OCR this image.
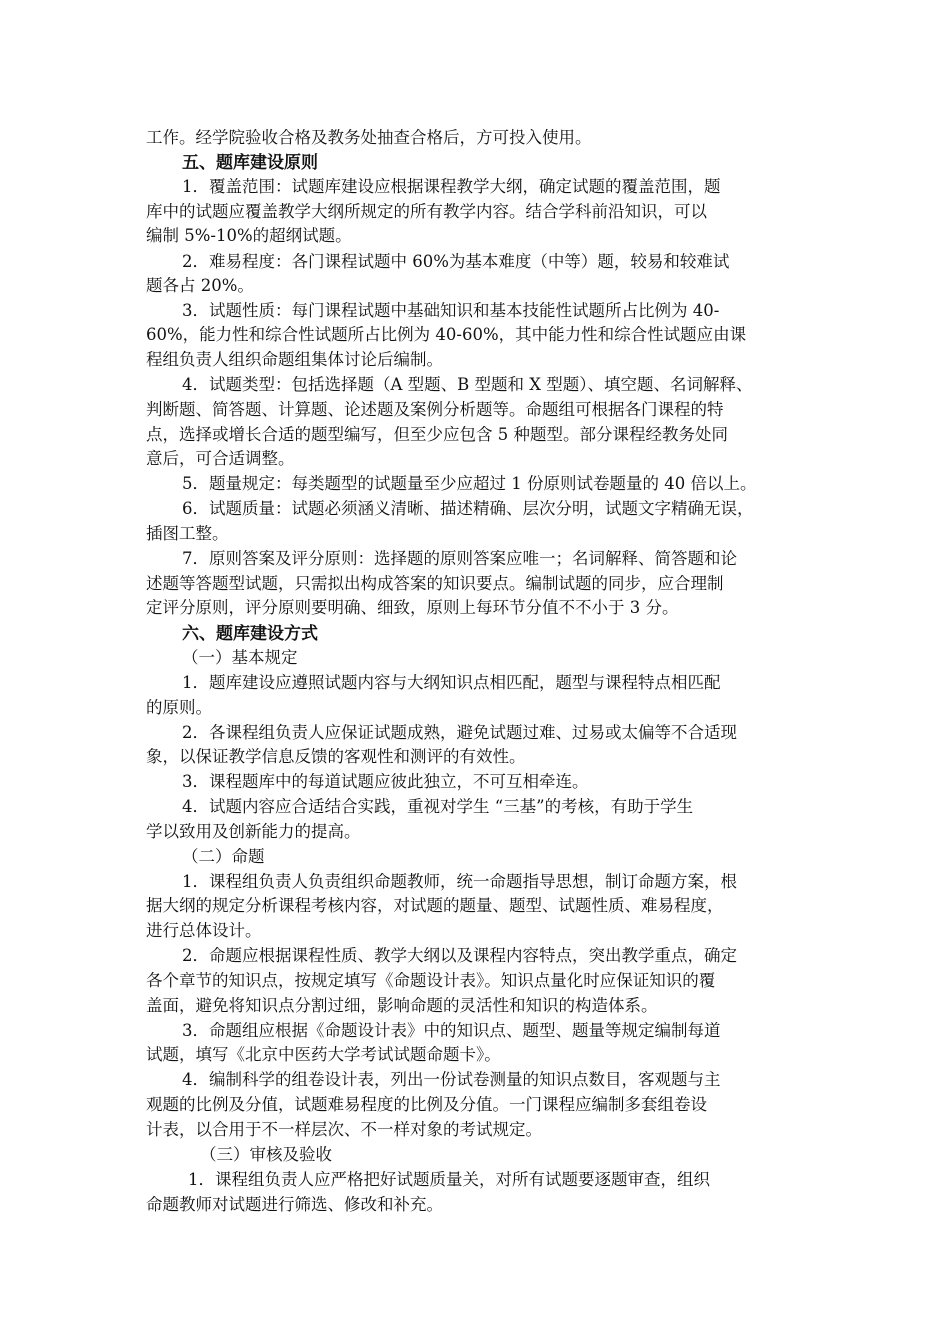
工作。经学院验收合格及教务处抽查合格后，方可投入使用。
五、题库建设原则
1．覆盖范围：试题库建设应根据课程教学大纲，确定试题的覆盖范围，题
库中的试题应覆盖教学大纲所规定的所有教学内容。结合学科前沿知识，可以
编制 5%-10%的超纲试题。
2．难易程度：各门课程试题中 60%为基本难度（中等）题，较易和较难试
题各占 20%。
3．试题性质：每门课程试题中基础知识和基本技能性试题所占比例为 40-
60%，能力性和综合性试题所占比例为 40-60%，其中能力性和综合性试题应由课
程组负责人组织命题组集体讨论后编制。
4．试题类型：包括选择题（A 型题、B 型题和 X 型题）、填空题、名词解释、
判断题、简答题、计算题、论述题及案例分析题等。命题组可根据各门课程的特
点，选择或增长合适的题型编写，但至少应包含 5 种题型。部分课程经教务处同
意后，可合适调整。
5．题量规定：每类题型的试题量至少应超过 1 份原则试卷题量的 40 倍以上。
6．试题质量：试题必须涵义清晰、描述精确、层次分明，试题文字精确无误，
插图工整。
7．原则答案及评分原则：选择题的原则答案应唯一；名词解释、简答题和论
述题等答题型试题，只需拟出构成答案的知识要点。编制试题的同步，应合理制
定评分原则，评分原则要明确、细致，原则上每环节分值不不小于 3 分。
六、题库建设方式
（一）基本规定
1．题库建设应遵照试题内容与大纲知识点相匹配，题型与课程特点相匹配
的原则。
2．各课程组负责人应保证试题成熟，避免试题过难、过易或太偏等不合适现
象，以保证教学信息反馈的客观性和测评的有效性。
3．课程题库中的每道试题应彼此独立，不可互相牵连。
4．试题内容应合适结合实践，重视对学生 “三基”的考核，有助于学生
学以致用及创新能力的提高。
（二）命题
1．课程组负责人负责组织命题教师，统一命题指导思想，制订命题方案，根
据大纲的规定分析课程考核内容，对试题的题量、题型、试题性质、难易程度，
进行总体设计。
2．命题应根据课程性质、教学大纲以及课程内容特点，突出教学重点，确定
各个章节的知识点，按规定填写《命题设计表》。知识点量化时应保证知识的覆
盖面，避免将知识点分割过细，影响命题的灵活性和知识的构造体系。
3．命题组应根据《命题设计表》中的知识点、题型、题量等规定编制每道
试题，填写《北京中医药大学考试试题命题卡》。
4．编制科学的组卷设计表，列出一份试卷测量的知识点数目，客观题与主
观题的比例及分值，试题难易程度的比例及分值。一门课程应编制多套组卷设
计表，以合用于不一样层次、不一样对象的考试规定。
（三）审核及验收
1．课程组负责人应严格把好试题质量关，对所有试题要逐题审查，组织
命题教师对试题进行筛选、修改和补充。
